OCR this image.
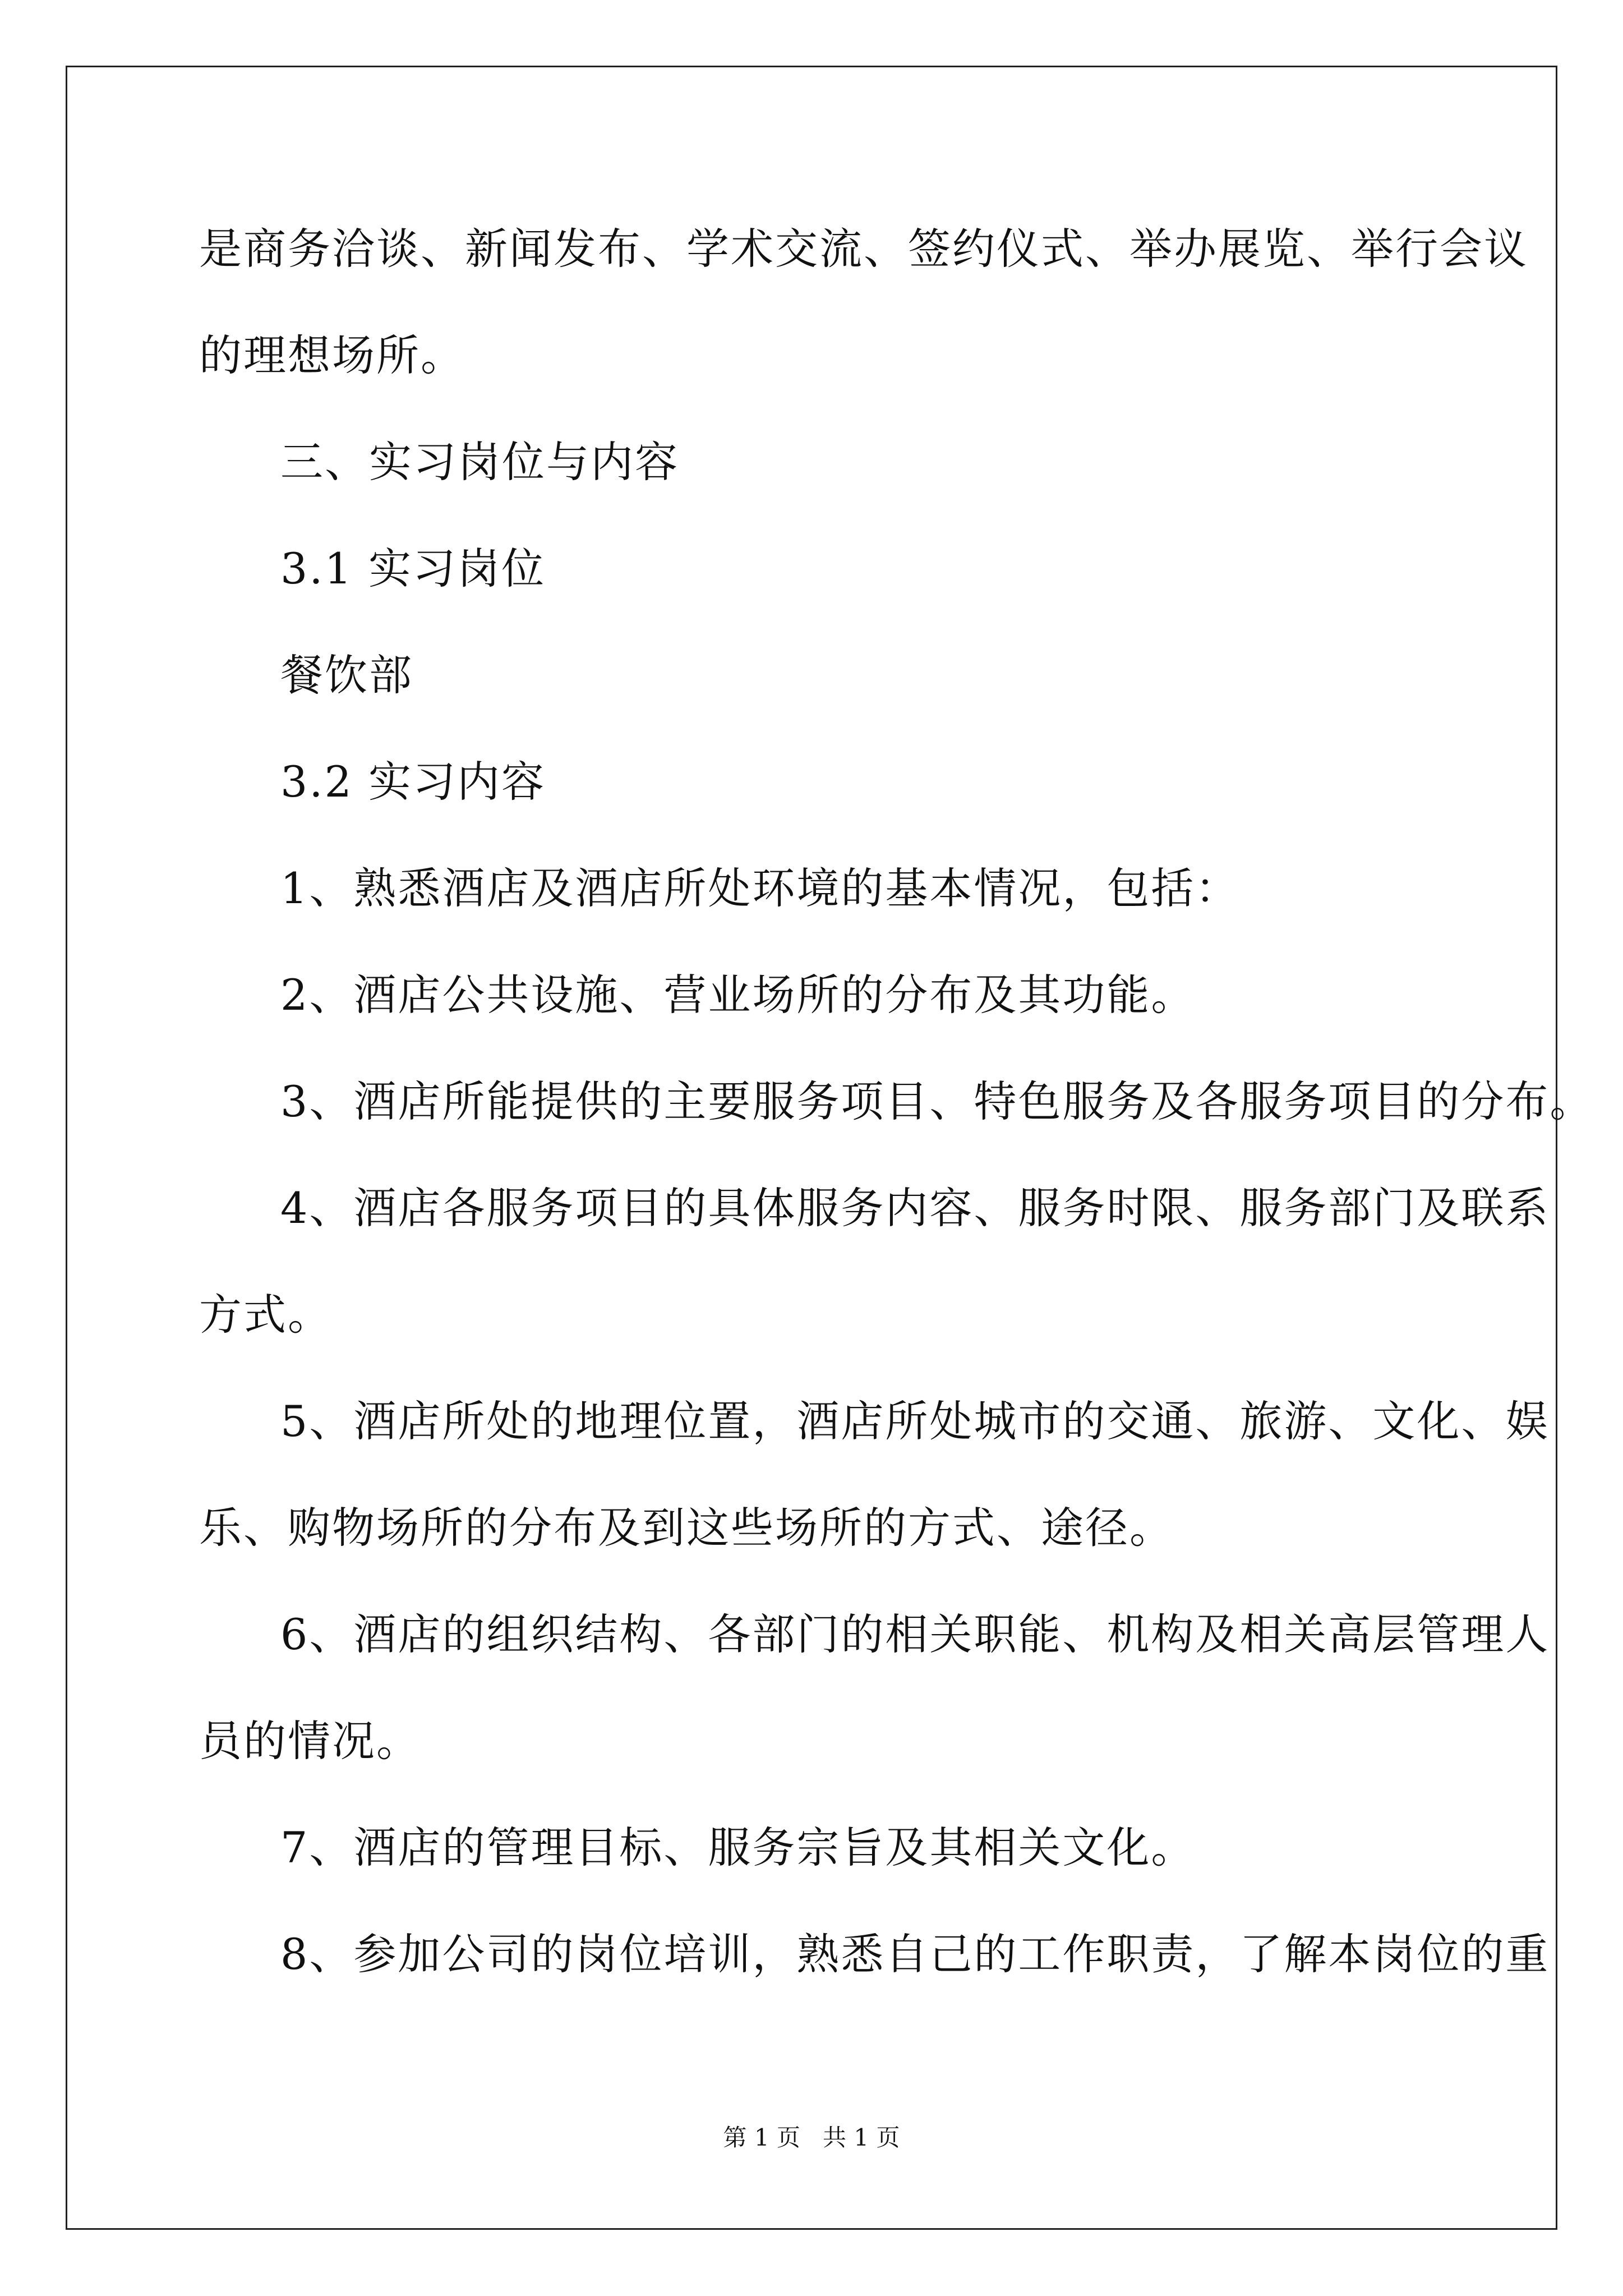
是商务洽谈、新闻发布、学术交流、签约仪式、举办展览、举行会议
的理想场所。
三、实习岗位与内容
3.1 实习岗位
餐饮部
3.2 实习内容
1、熟悉酒店及酒店所处环境的基本情况，包括：
2、酒店公共设施、营业场所的分布及其功能。
3、酒店所能提供的主要服务项目、特色服务及各服务项目的分布。
4、酒店各服务项目的具体服务内容、服务时限、服务部门及联系
方式。
5、酒店所处的地理位置，酒店所处城市的交通、旅游、文化、娱
乐、购物场所的分布及到这些场所的方式、途径。
6、酒店的组织结构、各部门的相关职能、机构及相关高层管理人
员的情况。
7、酒店的管理目标、服务宗旨及其相关文化。
8、参加公司的岗位培训，熟悉自己的工作职责，了解本岗位的重
第 1 页   共 1 页
